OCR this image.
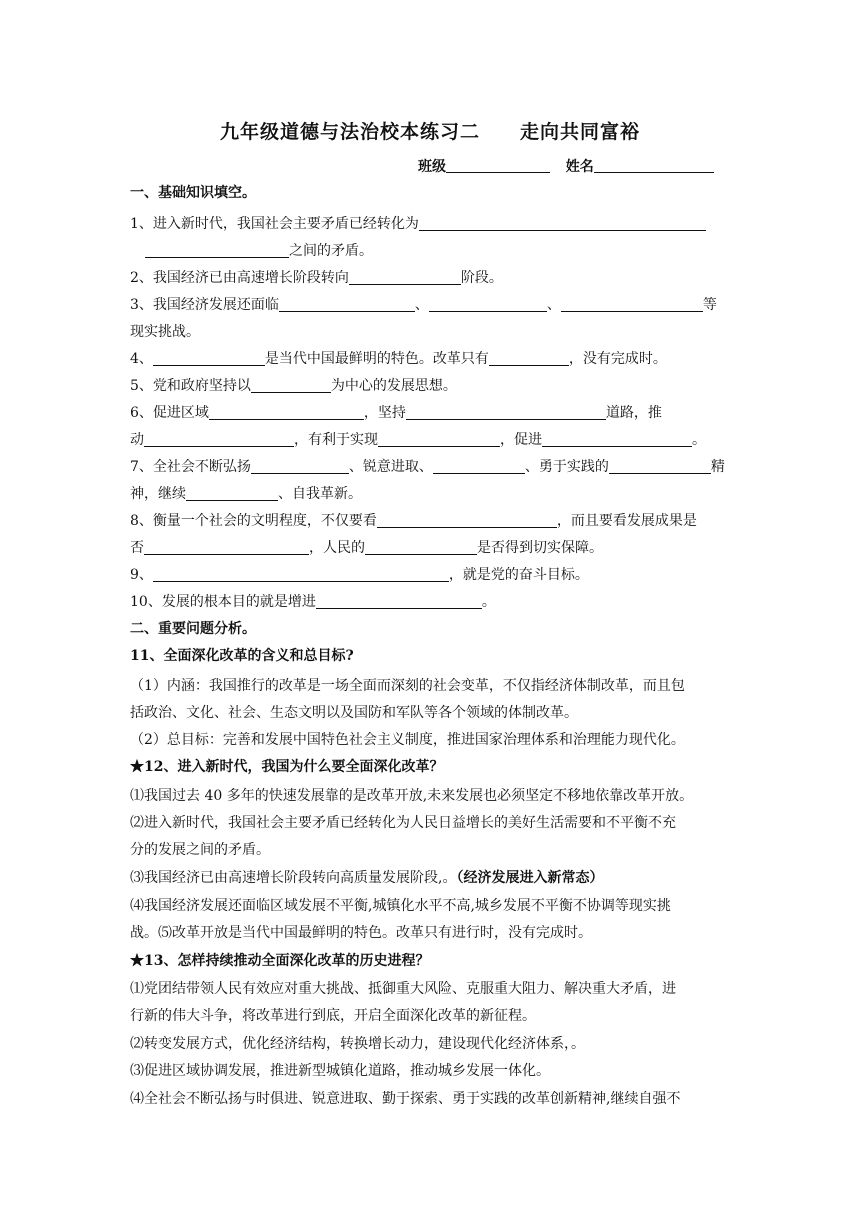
九年级道德与法治校本练习二 走向共同富裕
班级	姓名
一、基础知识填空。
1、进入新时代，我国社会主要矛盾已经转化为
之间的矛盾。
2、我国经济已由高速增长阶段转向	阶段。
3、我国经济发展还面临	、	、	等
现实挑战。
4、	是当代中国最鲜明的特色。改革只有	，没有完成时。
5、党和政府坚持以	为中心的发展思想。
6、促进区域	，坚持	道路，推
动	，有利于实现	，促进	。
7、全社会不断弘扬	、锐意进取、	、勇于实践的	精
神，继续	、自我革新。
8、衡量一个社会的文明程度，不仅要看	，而且要看发展成果是
否	，人民的	是否得到切实保障。
9、	，就是党的奋斗目标。
10、发展的根本目的就是增进	。
二、重要问题分析。
11、全面深化改革的含义和总目标?
（1）内涵：我国推行的改革是一场全面而深刻的社会变革，不仅指经济体制改革，而且包
括政治、文化、社会、生态文明以及国防和军队等各个领域的体制改革。
（2）总目标：完善和发展中国特色社会主义制度，推进国家治理体系和治理能力现代化。
★12、进入新时代，我国为什么要全面深化改革？
⑴我国过去 40 多年的快速发展靠的是改革开放,未来发展也必须坚定不移地依靠改革开放。
⑵进入新时代，我国社会主要矛盾已经转化为人民日益增长的美好生活需要和不平衡不充
分的发展之间的矛盾。
⑶我国经济已由高速增长阶段转向高质量发展阶段,。（经济发展进入新常态）
⑷我国经济发展还面临区域发展不平衡,城镇化水平不高,城乡发展不平衡不协调等现实挑
战。⑸改革开放是当代中国最鲜明的特色。改革只有进行时，没有完成时。
★13、怎样持续推动全面深化改革的历史进程？
⑴党团结带领人民有效应对重大挑战、抵御重大风险、克服重大阻力、解决重大矛盾，进
行新的伟大斗争，将改革进行到底，开启全面深化改革的新征程。
⑵转变发展方式，优化经济结构，转换增长动力，建设现代化经济体系，。
⑶促进区域协调发展，推进新型城镇化道路，推动城乡发展一体化。
⑷全社会不断弘扬与时俱进、锐意进取、勤于探索、勇于实践的改革创新精神,继续自强不
